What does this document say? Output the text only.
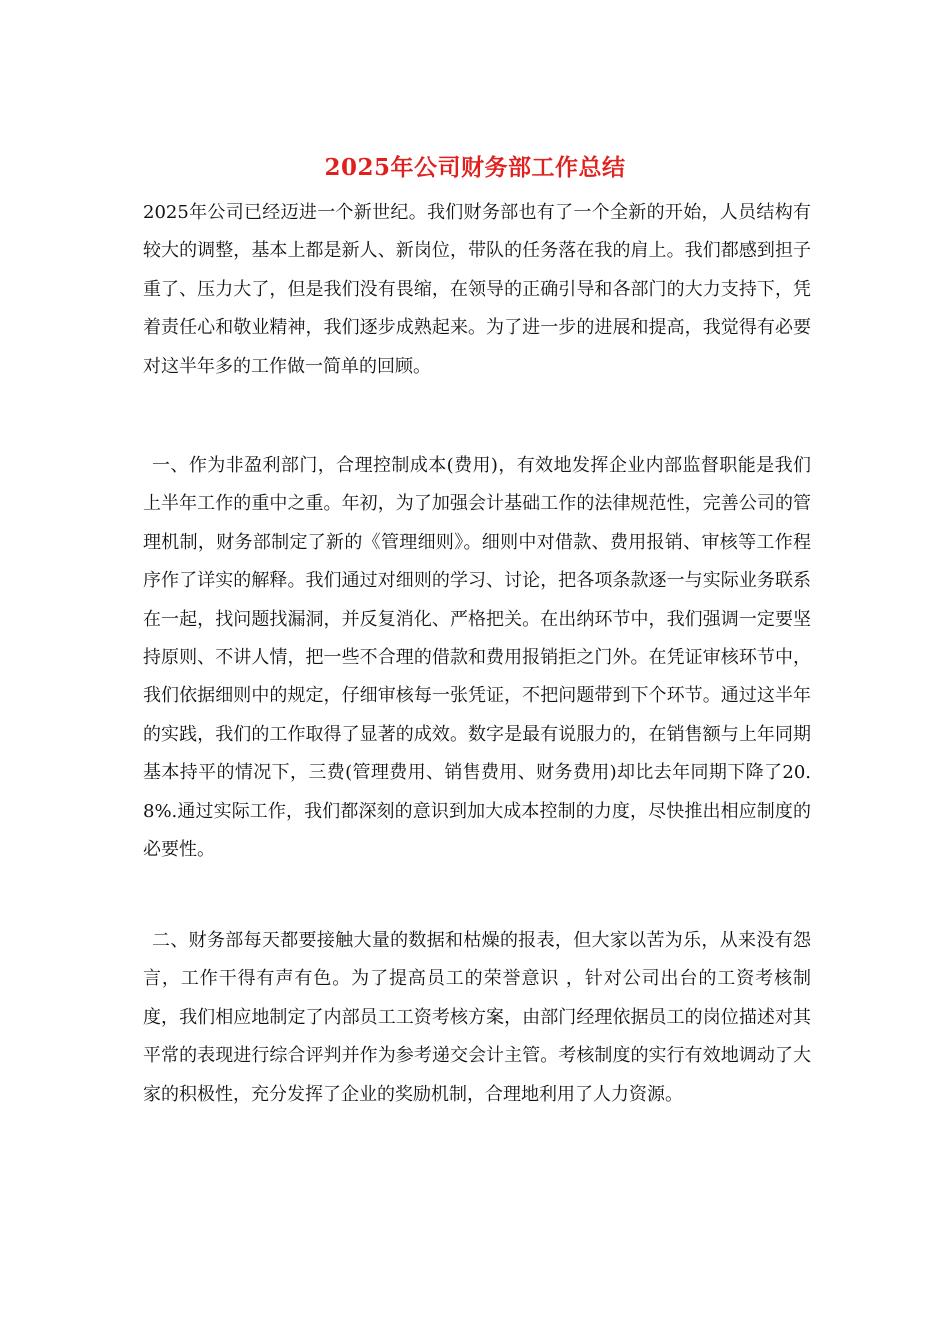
2025年公司财务部工作总结

2025年公司已经迈进一个新世纪。我们财务部也有了一个全新的开始，人员结构有较大的调整，基本上都是新人、新岗位，带队的任务落在我的肩上。我们都感到担子重了、压力大了，但是我们没有畏缩，在领导的正确引导和各部门的大力支持下，凭着责任心和敬业精神，我们逐步成熟起来。为了进一步的进展和提高，我觉得有必要对这半年多的工作做一简单的回顾。

一、作为非盈利部门，合理控制成本(费用)，有效地发挥企业内部监督职能是我们上半年工作的重中之重。年初，为了加强会计基础工作的法律规范性，完善公司的管理机制，财务部制定了新的《管理细则》。细则中对借款、费用报销、审核等工作程序作了详实的解释。我们通过对细则的学习、讨论，把各项条款逐一与实际业务联系在一起，找问题找漏洞，并反复消化、严格把关。在出纳环节中，我们强调一定要坚持原则、不讲人情，把一些不合理的借款和费用报销拒之门外。在凭证审核环节中，我们依据细则中的规定，仔细审核每一张凭证，不把问题带到下个环节。通过这半年的实践，我们的工作取得了显著的成效。数字是最有说服力的，在销售额与上年同期基本持平的情况下，三费(管理费用、销售费用、财务费用)却比去年同期下降了20.8%.通过实际工作，我们都深刻的意识到加大成本控制的力度，尽快推出相应制度的必要性。

二、财务部每天都要接触大量的数据和枯燥的报表，但大家以苦为乐，从来没有怨言，工作干得有声有色。为了提高员工的荣誉意识 ，针对公司出台的工资考核制度，我们相应地制定了内部员工工资考核方案，由部门经理依据员工的岗位描述对其平常的表现进行综合评判并作为参考递交会计主管。考核制度的实行有效地调动了大家的积极性，充分发挥了企业的奖励机制，合理地利用了人力资源。
